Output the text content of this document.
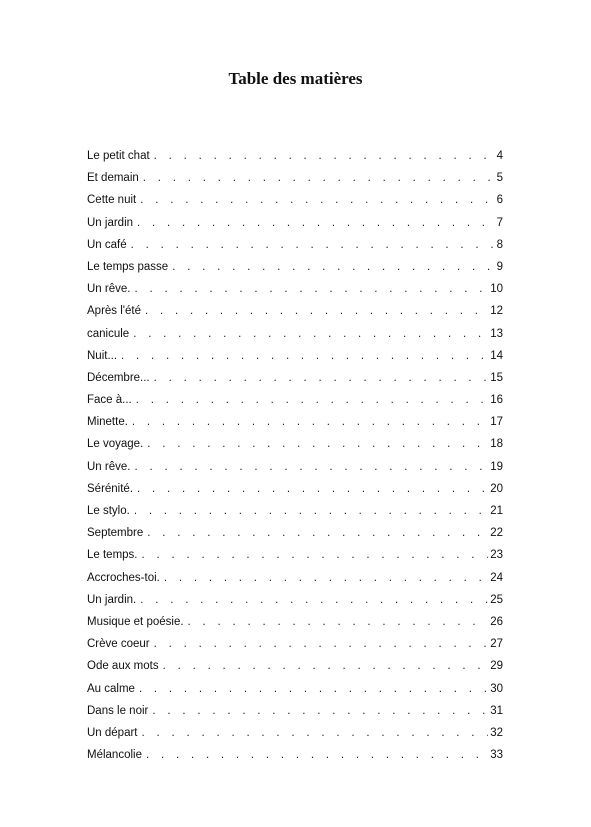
Table des matières
Le petit chat . . .	4
Et demain . . .	5
Cette nuit . . .	6
Un jardin . . .	7
Un café . . .	8
Le temps passe . . .	9
Un rêve. . . .	10
Après l'été . . .	12
canicule . . .	13
Nuit... . . .	14
Décembre... . . .	15
Face à... . . .	16
Minette. . . .	17
Le voyage. . . .	18
Un rêve. . . .	19
Sérénité. . . .	20
Le stylo. . . .	21
Septembre . . .	22
Le temps. . . .	23
Accroches-toi. . . .	24
Un jardin. . . .	25
Musique et poésie. . . .	26
Crève coeur . . .	27
Ode aux mots . . .	29
Au calme . . .	30
Dans le noir . . .	31
Un départ . . .	32
Mélancolie . . .	33
